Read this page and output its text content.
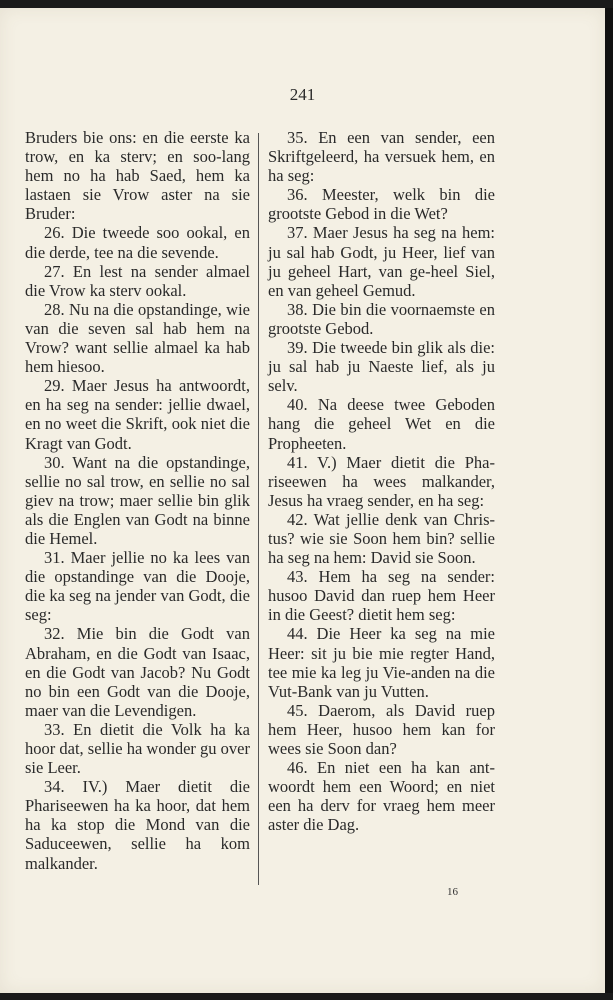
241

Bruders bie ons: en die eerste ka trow, en ka sterv; en soo-lang hem no ha hab Saed, hem ka lastaen sie Vrow aster na sie Bruder:

26. Die tweede soo ookal, en die derde, tee na die sevende.

27. En lest na sender almael die Vrow ka sterv ookal.

28. Nu na die opstandinge, wie van die seven sal hab hem na Vrow? want sellie almael ka hab hem hiesoo.

29. Maer Jesus ha antwoordt, en ha seg na sender: jellie dwael, en no weet die Skrift, ook niet die Kragt van Godt.

30. Want na die opstandinge, sellie no sal trow, en sellie no sal giev na trow; maer sellie bin glik als die Englen van Godt na binne die Hemel.

31. Maer jellie no ka lees van die opstandinge van die Dooje, die ka seg na jender van Godt, die seg:

32. Mie bin die Godt van Abraham, en die Godt van Isaac, en die Godt van Jacob? Nu Godt no bin een Godt van die Dooje, maer van die Levendigen.

33. En dietit die Volk ha ka hoor dat, sellie ha wonder gu over sie Leer.

34. IV.) Maer dietit die Phariseewen ha ka hoor, dat hem ha ka stop die Mond van die Saduceewen, sellie ha kom malkander.

35. En een van sender, een Skriftgeleerd, ha versuek hem, en ha seg:

36. Meester, welk bin die grootste Gebod in die Wet?

37. Maer Jesus ha seg na hem: ju sal hab Godt, ju Heer, lief van ju geheel Hart, van ge-heel Siel, en van geheel Gemud.

38. Die bin die voornaemste en grootste Gebod.

39. Die tweede bin glik als die: ju sal hab ju Naeste lief, als ju selv.

40. Na deese twee Geboden hang die geheel Wet en die Propheeten.

41. V.) Maer dietit die Pha-riseewen ha wees malkander, Jesus ha vraeg sender, en ha seg:

42. Wat jellie denk van Chris-tus? wie sie Soon hem bin? sellie ha seg na hem: David sie Soon.

43. Hem ha seg na sender: husoo David dan ruep hem Heer in die Geest? dietit hem seg:

44. Die Heer ka seg na mie Heer: sit ju bie mie regter Hand, tee mie ka leg ju Vie-anden na die Vut-Bank van ju Vutten.

45. Daerom, als David ruep hem Heer, husoo hem kan for wees sie Soon dan?

46. En niet een ha kan ant-woordt hem een Woord; en niet een ha derv for vraeg hem meer aster die Dag.

16
